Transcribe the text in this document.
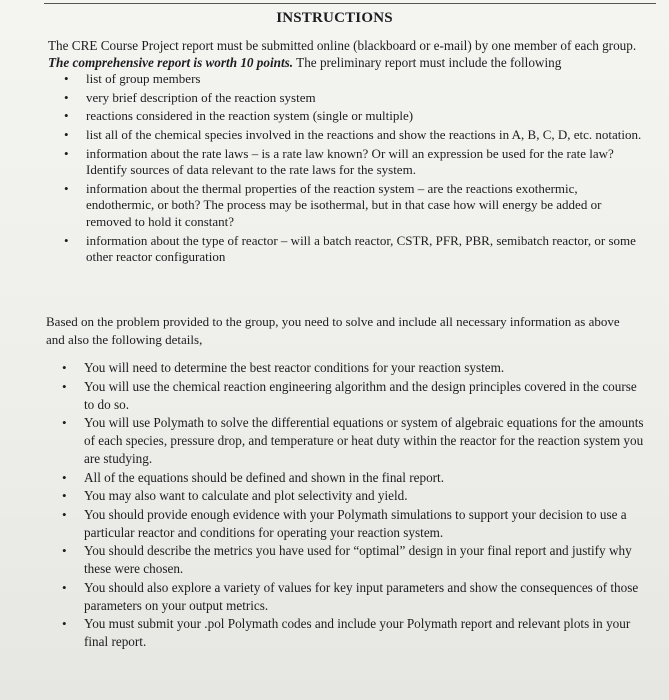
INSTRUCTIONS
The CRE Course Project report must be submitted online (blackboard or e-mail) by one member of each group. The comprehensive report is worth 10 points. The preliminary report must include the following
• list of group members
• very brief description of the reaction system
• reactions considered in the reaction system (single or multiple)
• list all of the chemical species involved in the reactions and show the reactions in A, B, C, D, etc. notation.
• information about the rate laws – is a rate law known? Or will an expression be used for the rate law? Identify sources of data relevant to the rate laws for the system.
• information about the thermal properties of the reaction system – are the reactions exothermic, endothermic, or both? The process may be isothermal, but in that case how will energy be added or removed to hold it constant?
• information about the type of reactor – will a batch reactor, CSTR, PFR, PBR, semibatch reactor, or some other reactor configuration
Based on the problem provided to the group, you need to solve and include all necessary information as above and also the following details,
• You will need to determine the best reactor conditions for your reaction system.
• You will use the chemical reaction engineering algorithm and the design principles covered in the course to do so.
• You will use Polymath to solve the differential equations or system of algebraic equations for the amounts of each species, pressure drop, and temperature or heat duty within the reactor for the reaction system you are studying.
• All of the equations should be defined and shown in the final report.
• You may also want to calculate and plot selectivity and yield.
• You should provide enough evidence with your Polymath simulations to support your decision to use a particular reactor and conditions for operating your reaction system.
• You should describe the metrics you have used for “optimal” design in your final report and justify why these were chosen.
• You should also explore a variety of values for key input parameters and show the consequences of those parameters on your output metrics.
• You must submit your .pol Polymath codes and include your Polymath report and relevant plots in your final report.
